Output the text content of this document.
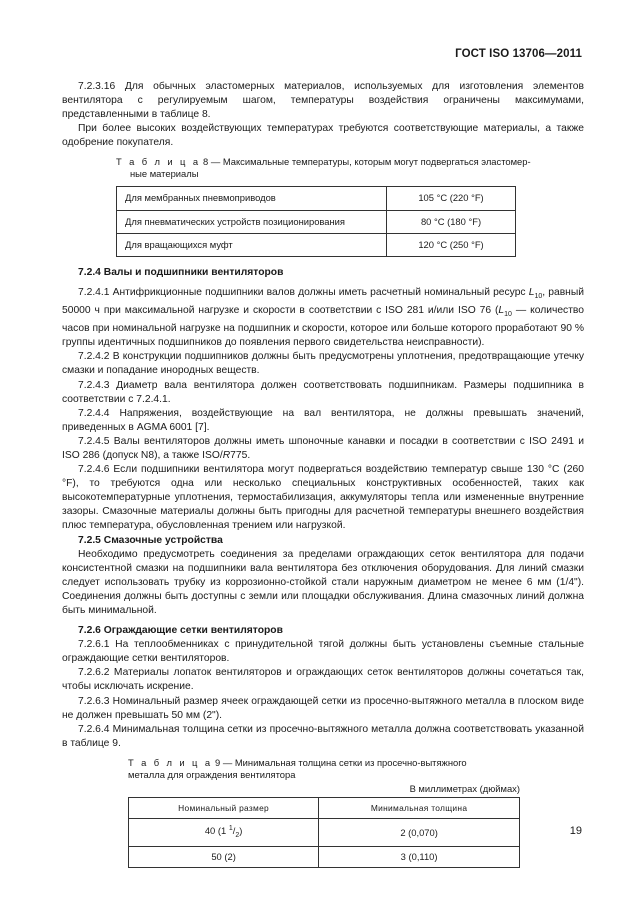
ГОСТ ISO 13706—2011

7.2.3.16 Для обычных эластомерных материалов, используемых для изготовления элементов вентилятора с регулируемым шагом, температуры воздействия ограничены максимумами, представленными в таблице 8.

При более высоких воздействующих температурах требуются соответствующие материалы, а также одобрение покупателя.

Т а б л и ц а 8 — Максимальные температуры, которым могут подвергаться эластомер-
ные материалы

Для мембранных пневмоприводов	105 °С (220 °F)
Для пневматических устройств позиционирования	80 °С (180 °F)
Для вращающихся муфт	120 °С (250 °F)

7.2.4 Валы и подшипники вентиляторов

7.2.4.1 Антифрикционные подшипники валов должны иметь расчетный номинальный ресурс $L_{10}$, равный 50000 ч при максимальной нагрузке и скорости в соответствии с ISO 281 и/или ISO 76 ($L_{10}$ — количество часов при номинальной нагрузке на подшипник и скорости, которое или больше которого проработают 90 % группы идентичных подшипников до появления первого свидетельства неисправности).

7.2.4.2 В конструкции подшипников должны быть предусмотрены уплотнения, предотвращающие утечку смазки и попадание инородных веществ.

7.2.4.3 Диаметр вала вентилятора должен соответствовать подшипникам. Размеры подшипника в соответствии с 7.2.4.1.

7.2.4.4 Напряжения, воздействующие на вал вентилятора, не должны превышать значений, приведенных в AGMA 6001 [7].

7.2.4.5 Валы вентиляторов должны иметь шпоночные канавки и посадки в соответствии с ISO 2491 и ISO 286 (допуск N8), а также ISO/R775.

7.2.4.6 Если подшипники вентилятора могут подвергаться воздействию температур свыше 130 °С (260 °F), то требуются одна или несколько специальных конструктивных особенностей, таких как высокотемпературные уплотнения, термостабилизация, аккумуляторы тепла или измененные внутренние зазоры. Смазочные материалы должны быть пригодны для расчетной температуры внешнего воздействия плюс температура, обусловленная трением или нагрузкой.

7.2.5 Смазочные устройства

Необходимо предусмотреть соединения за пределами ограждающих сеток вентилятора для подачи консистентной смазки на подшипники вала вентилятора без отключения оборудования. Для линий смазки следует использовать трубку из коррозионно-стойкой стали наружным диаметром не менее 6 мм (1/4"). Соединения должны быть доступны с земли или площадки обслуживания. Длина смазочных линий должна быть минимальной.

7.2.6 Ограждающие сетки вентиляторов

7.2.6.1 На теплообменниках с принудительной тягой должны быть установлены съемные стальные ограждающие сетки вентиляторов.

7.2.6.2 Материалы лопаток вентиляторов и ограждающих сеток вентиляторов должны сочетаться так, чтобы исключать искрение.

7.2.6.3 Номинальный размер ячеек ограждающей сетки из просечно-вытяжного металла в плоском виде не должен превышать 50 мм (2").

7.2.6.4 Минимальная толщина сетки из просечно-вытяжного металла должна соответствовать указанной в таблице 9.

Т а б л и ц а 9 — Минимальная толщина сетки из просечно-вытяжного
металла для ограждения вентилятора

В миллиметрах (дюймах)
Номинальный размер	Минимальная толщина
40 (1 $^1/_2$)	2 (0,070)
50 (2)	3 (0,110)
19
